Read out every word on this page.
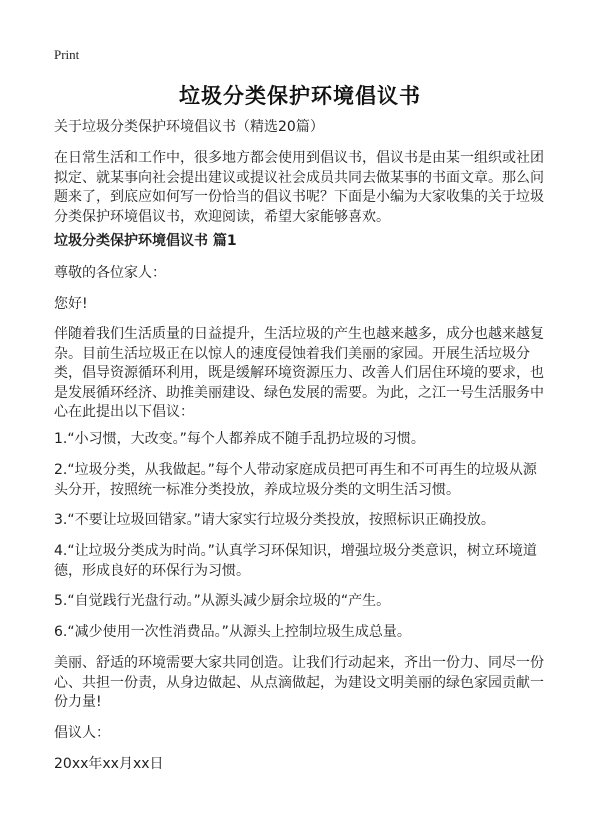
Print
垃圾分类保护环境倡议书
关于垃圾分类保护环境倡议书（精选20篇）
在日常生活和工作中，很多地方都会使用到倡议书，倡议书是由某一组织或社团拟定、就某事向社会提出建议或提议社会成员共同去做某事的书面文章。那么问题来了，到底应如何写一份恰当的倡议书呢？下面是小编为大家收集的关于垃圾分类保护环境倡议书，欢迎阅读，希望大家能够喜欢。
垃圾分类保护环境倡议书 篇1
尊敬的各位家人：
您好!
伴随着我们生活质量的日益提升，生活垃圾的产生也越来越多，成分也越来越复杂。目前生活垃圾正在以惊人的速度侵蚀着我们美丽的家园。开展生活垃圾分类，倡导资源循环利用，既是缓解环境资源压力、改善人们居住环境的要求，也是发展循环经济、助推美丽建设、绿色发展的需要。为此，之江一号生活服务中心在此提出以下倡议：
1.“小习惯，大改变。”每个人都养成不随手乱扔垃圾的习惯。
2.“垃圾分类，从我做起。”每个人带动家庭成员把可再生和不可再生的垃圾从源头分开，按照统一标准分类投放，养成垃圾分类的文明生活习惯。
3.“不要让垃圾回错家。”请大家实行垃圾分类投放，按照标识正确投放。
4.“让垃圾分类成为时尚。”认真学习环保知识，增强垃圾分类意识，树立环境道德，形成良好的环保行为习惯。
5.“自觉践行光盘行动。”从源头减少厨余垃圾的“产生。
6.“减少使用一次性消费品。”从源头上控制垃圾生成总量。
美丽、舒适的环境需要大家共同创造。让我们行动起来，齐出一份力、同尽一份心、共担一份责，从身边做起、从点滴做起，为建设文明美丽的绿色家园贡献一份力量!
倡议人：
20xx年xx月xx日
